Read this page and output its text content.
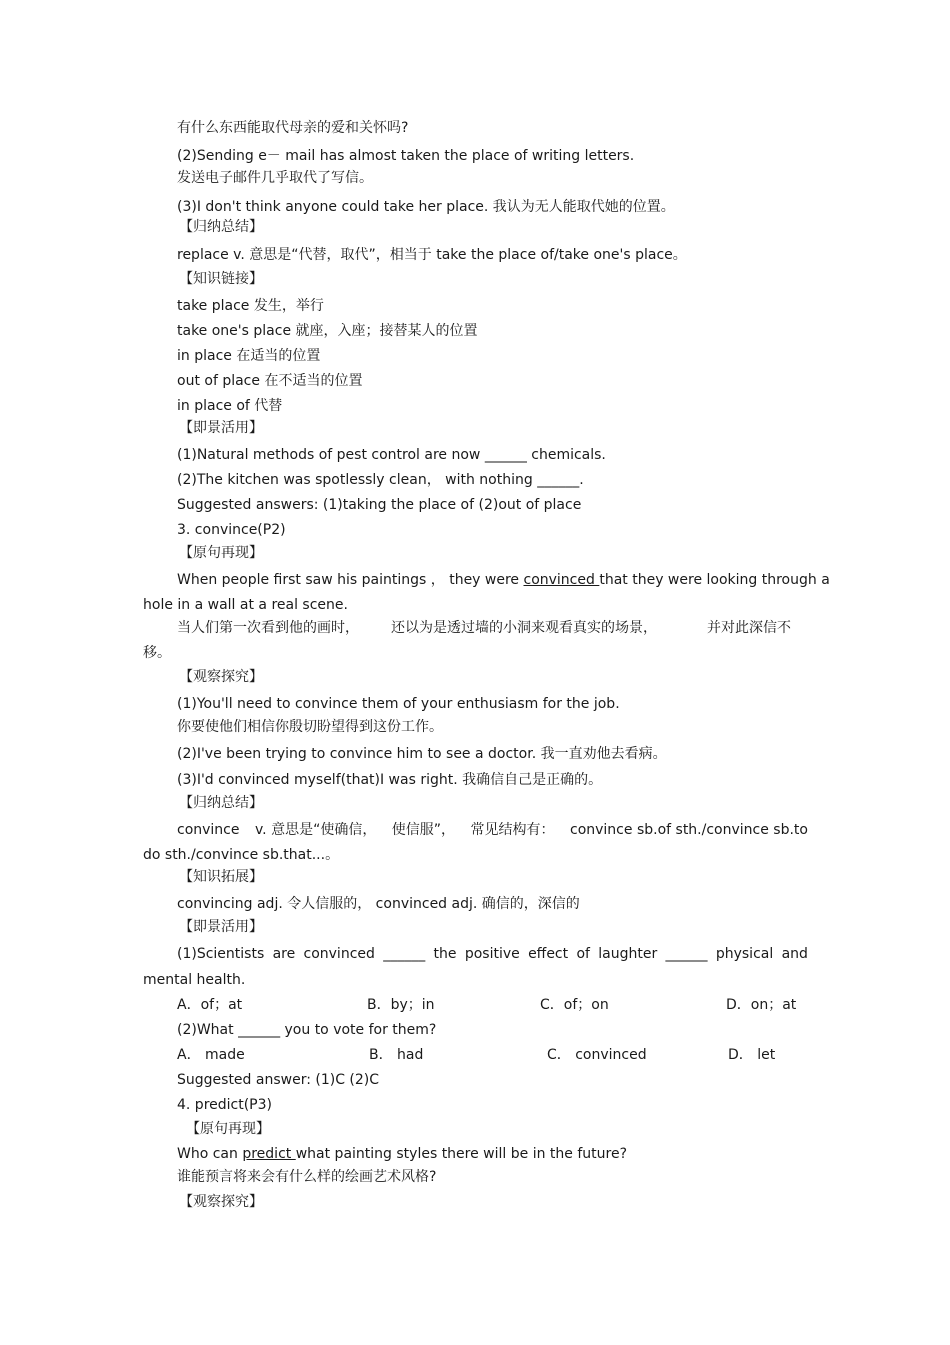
有什么东西能取代母亲的爱和关怀吗?
(2)Sending e－ mail has almost taken the place of writing letters.
发送电子邮件几乎取代了写信。
(3)I don't think anyone could take her place. 我认为无人能取代她的位置。
【归纳总结】
replace v. 意思是“代替，取代”，相当于 take the place of/take one's place。
【知识链接】
take place 发生，举行
take one's place 就座，入座；接替某人的位置
in place 在适当的位置
out of place 在不适当的位置
in place of 代替
【即景活用】
(1)Natural methods of pest control are now ______ chemicals.
(2)The kitchen was spotlessly clean， with nothing ______.
Suggested answers: (1)taking the place of (2)out of place
3. convince(P2)
【原句再现】
When people first saw his paintings ， they were convinced that they were looking through a
hole in a wall at a real scene.
当人们第一次看到他的画时， 还以为是透过墙的小洞来观看真实的场景，	并对此深信不
移。
【观察探究】
(1)You'll need to convince them of your enthusiasm for the job.
你要使他们相信你殷切盼望得到这份工作。
(2)I've been trying to convince him to see a doctor. 我一直劝他去看病。
(3)I'd convinced myself(that)I was right. 我确信自己是正确的。
【归纳总结】
convince v. 意思是“使确信， 使信服”， 常见结构有： convince sb.of sth./convince sb.to
do sth./convince sb.that...。
【知识拓展】
convincing adj. 令人信服的， convinced adj. 确信的，深信的
【即景活用】
(1)Scientists are convinced ______ the positive effect of laughter ______ physical and
mental health.
A．of；at	B．by；in	C．of；on	D．on；at
(2)What ______ you to vote for them?
A． made	B． had	C． convinced	D． let
Suggested answer: (1)C (2)C
4. predict(P3)
【原句再现】
Who can predict what painting styles there will be in the future?
谁能预言将来会有什么样的绘画艺术风格?
【观察探究】
